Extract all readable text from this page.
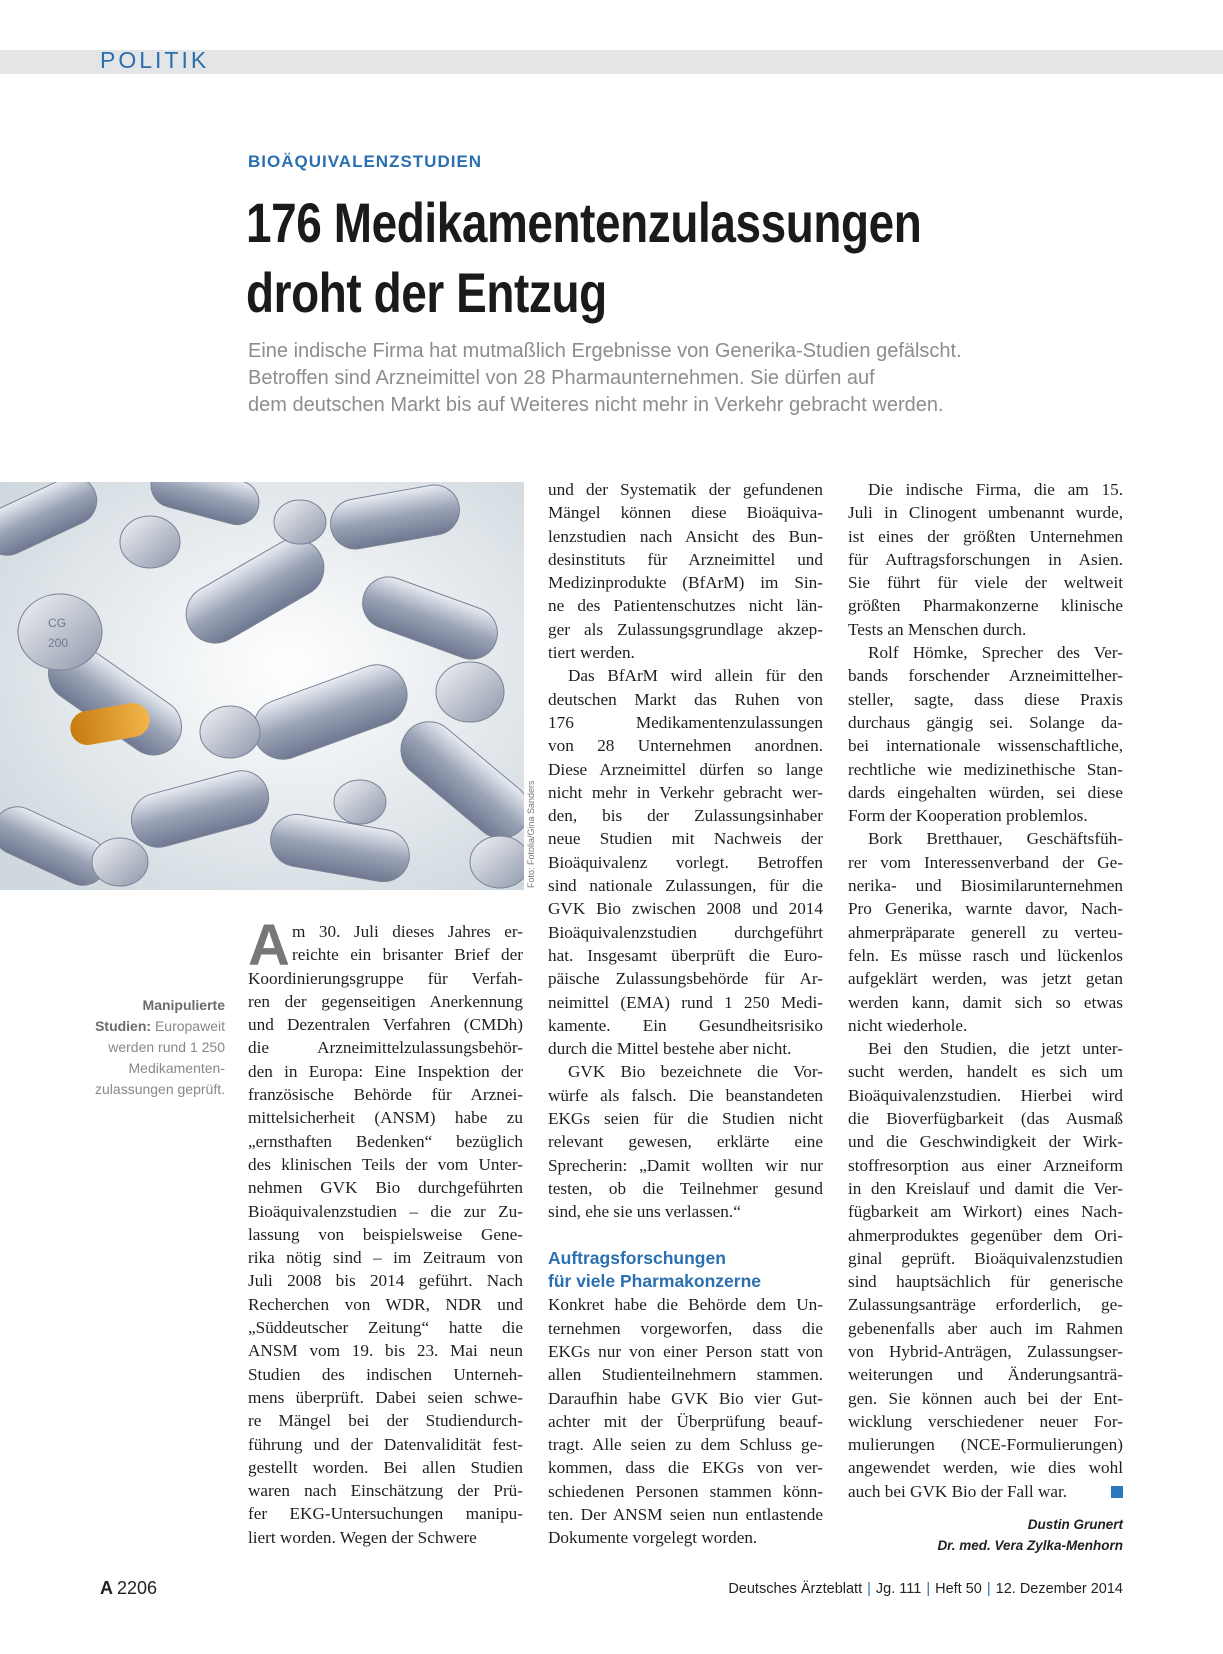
POLITIK
BIOÄQUIVALENZSTUDIEN
176 Medikamentenzulassungen
droht der Entzug
Eine indische Firma hat mutmaßlich Ergebnisse von Generika-Studien gefälscht.
Betroffen sind Arzneimittel von 28 Pharmaunternehmen. Sie dürfen auf
dem deutschen Markt bis auf Weiteres nicht mehr in Verkehr gebracht werden.
CG
200
Foto: Fotolia/Gina Sanders
Manipulierte
Studien: Europaweit
werden rund 1 250
Medikamenten-
zulassungen geprüft.
A m 30. Juli dieses Jahres er-
reichte ein brisanter Brief der
Koordinierungsgruppe für Verfah-
ren der gegenseitigen Anerkennung
und Dezentralen Verfahren (CMDh)
die Arzneimittelzulassungsbehör-
den in Europa: Eine Inspektion der
französische Behörde für Arznei-
mittelsicherheit (ANSM) habe zu
„ernsthaften Bedenken“ bezüglich
des klinischen Teils der vom Unter-
nehmen GVK Bio durchgeführten
Bioäquivalenzstudien – die zur Zu-
lassung von beispielsweise Gene-
rika nötig sind – im Zeitraum von
Juli 2008 bis 2014 geführt. Nach
Recherchen von WDR, NDR und
„Süddeutscher Zeitung“ hatte die
ANSM vom 19. bis 23. Mai neun
Studien des indischen Unterneh-
mens überprüft. Dabei seien schwe-
re Mängel bei der Studiendurch-
führung und der Datenvalidität fest-
gestellt worden. Bei allen Studien
waren nach Einschätzung der Prü-
fer EKG-Untersuchungen manipu-
liert worden. Wegen der Schwere
und der Systematik der gefundenen
Mängel können diese Bioäquiva-
lenzstudien nach Ansicht des Bun-
desinstituts für Arzneimittel und
Medizinprodukte (BfArM) im Sin-
ne des Patientenschutzes nicht län-
ger als Zulassungsgrundlage akzep-
tiert werden.
Das BfArM wird allein für den
deutschen Markt das Ruhen von
176 Medikamentenzulassungen
von 28 Unternehmen anordnen.
Diese Arzneimittel dürfen so lange
nicht mehr in Verkehr gebracht wer-
den, bis der Zulassungsinhaber
neue Studien mit Nachweis der
Bioäquivalenz vorlegt. Betroffen
sind nationale Zulassungen, für die
GVK Bio zwischen 2008 und 2014
Bioäquivalenzstudien durchgeführt
hat. Insgesamt überprüft die Euro-
päische Zulassungsbehörde für Ar-
neimittel (EMA) rund 1 250 Medi-
kamente. Ein Gesundheitsrisiko
durch die Mittel bestehe aber nicht.
GVK Bio bezeichnete die Vor-
würfe als falsch. Die beanstandeten
EKGs seien für die Studien nicht
relevant gewesen, erklärte eine
Sprecherin: „Damit wollten wir nur
testen, ob die Teilnehmer gesund
sind, ehe sie uns verlassen.“
Auftragsforschungen
für viele Pharmakonzerne
Konkret habe die Behörde dem Un-
ternehmen vorgeworfen, dass die
EKGs nur von einer Person statt von
allen Studienteilnehmern stammen.
Daraufhin habe GVK Bio vier Gut-
achter mit der Überprüfung beauf-
tragt. Alle seien zu dem Schluss ge-
kommen, dass die EKGs von ver-
schiedenen Personen stammen könn-
ten. Der ANSM seien nun entlastende
Dokumente vorgelegt worden.
Die indische Firma, die am 15.
Juli in Clinogent umbenannt wurde,
ist eines der größten Unternehmen
für Auftragsforschungen in Asien.
Sie führt für viele der weltweit
größten Pharmakonzerne klinische
Tests an Menschen durch.
Rolf Hömke, Sprecher des Ver-
bands forschender Arzneimittelher-
steller, sagte, dass diese Praxis
durchaus gängig sei. Solange da-
bei internationale wissenschaftliche,
rechtliche wie medizinethische Stan-
dards eingehalten würden, sei diese
Form der Kooperation problemlos.
Bork Bretthauer, Geschäftsfüh-
rer vom Interessenverband der Ge-
nerika- und Biosimilarunternehmen
Pro Generika, warnte davor, Nach-
ahmerpräparate generell zu verteu-
feln. Es müsse rasch und lückenlos
aufgeklärt werden, was jetzt getan
werden kann, damit sich so etwas
nicht wiederhole.
Bei den Studien, die jetzt unter-
sucht werden, handelt es sich um
Bioäquivalenzstudien. Hierbei wird
die Bioverfügbarkeit (das Ausmaß
und die Geschwindigkeit der Wirk-
stoffresorption aus einer Arzneiform
in den Kreislauf und damit die Ver-
fügbarkeit am Wirkort) eines Nach-
ahmerproduktes gegenüber dem Ori-
ginal geprüft. Bioäquivalenzstudien
sind hauptsächlich für generische
Zulassungsanträge erforderlich, ge-
gebenenfalls aber auch im Rahmen
von Hybrid-Anträgen, Zulassungser-
weiterungen und Änderungsanträ-
gen. Sie können auch bei der Ent-
wicklung verschiedener neuer For-
mulierungen (NCE-Formulierungen)
angewendet werden, wie dies wohl
auch bei GVK Bio der Fall war.
Dustin Grunert
Dr. med. Vera Zylka-Menhorn
A 2206	Deutsches Ärzteblatt | Jg. 111 | Heft 50 | 12. Dezember 2014
